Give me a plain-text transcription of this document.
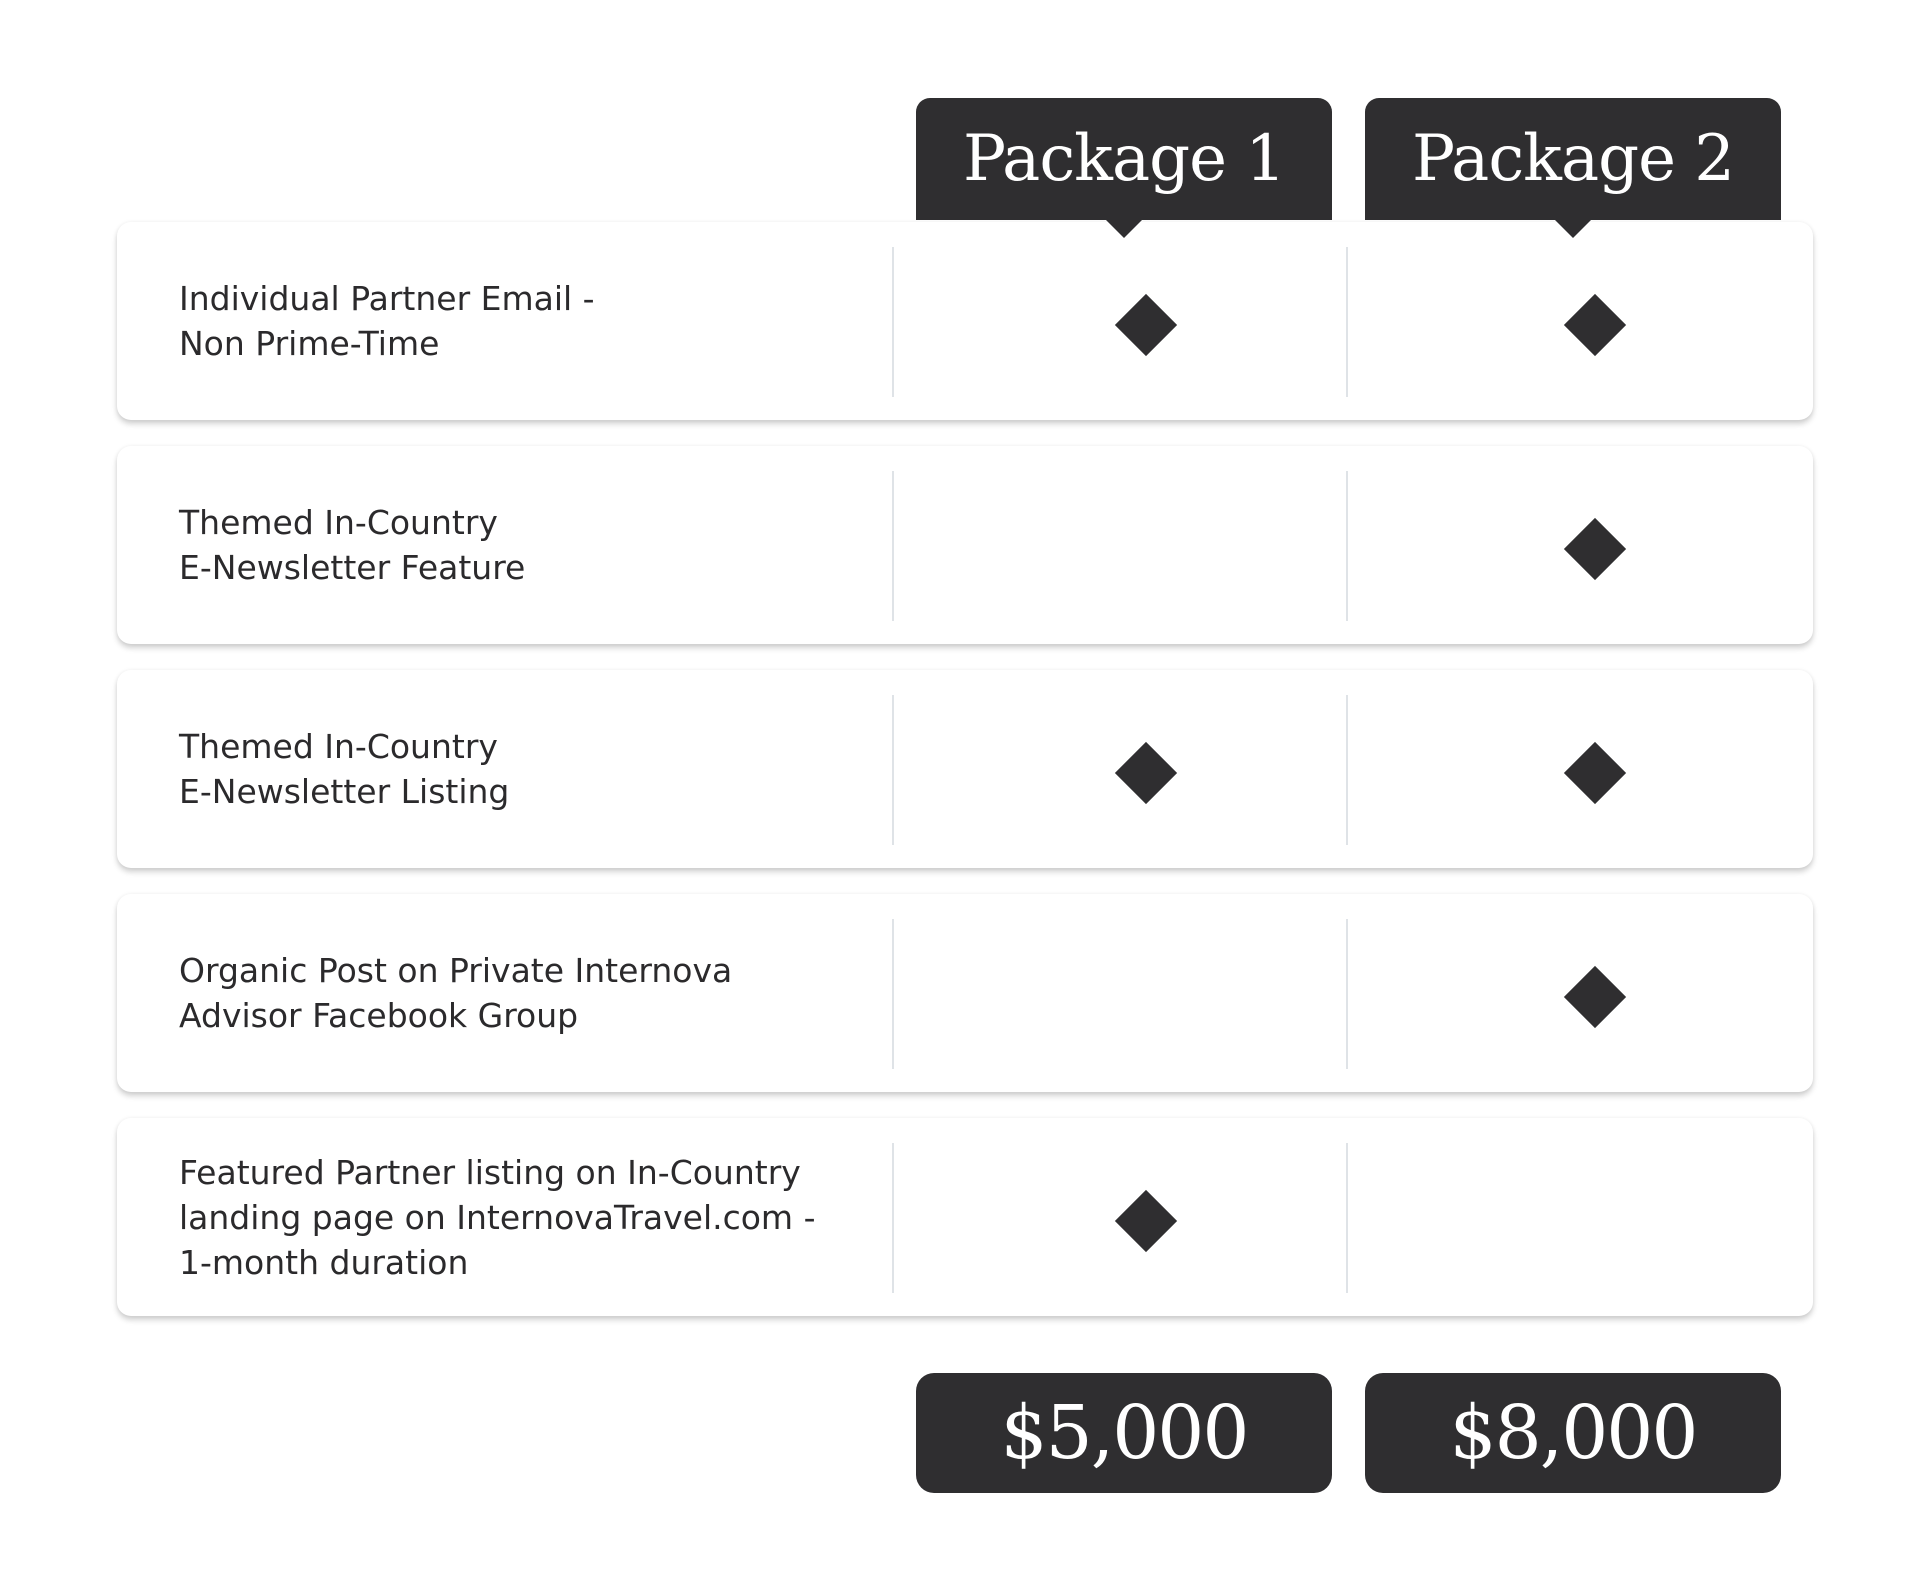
Package 1 Package 2
Individual Partner Email -
Non Prime-Time
Themed In-Country
E-Newsletter Feature
Themed In-Country
E-Newsletter Listing
Organic Post on Private Internova
Advisor Facebook Group
Featured Partner listing on In-Country
landing page on InternovaTravel.com -
1-month duration
$5,000	$8,000
